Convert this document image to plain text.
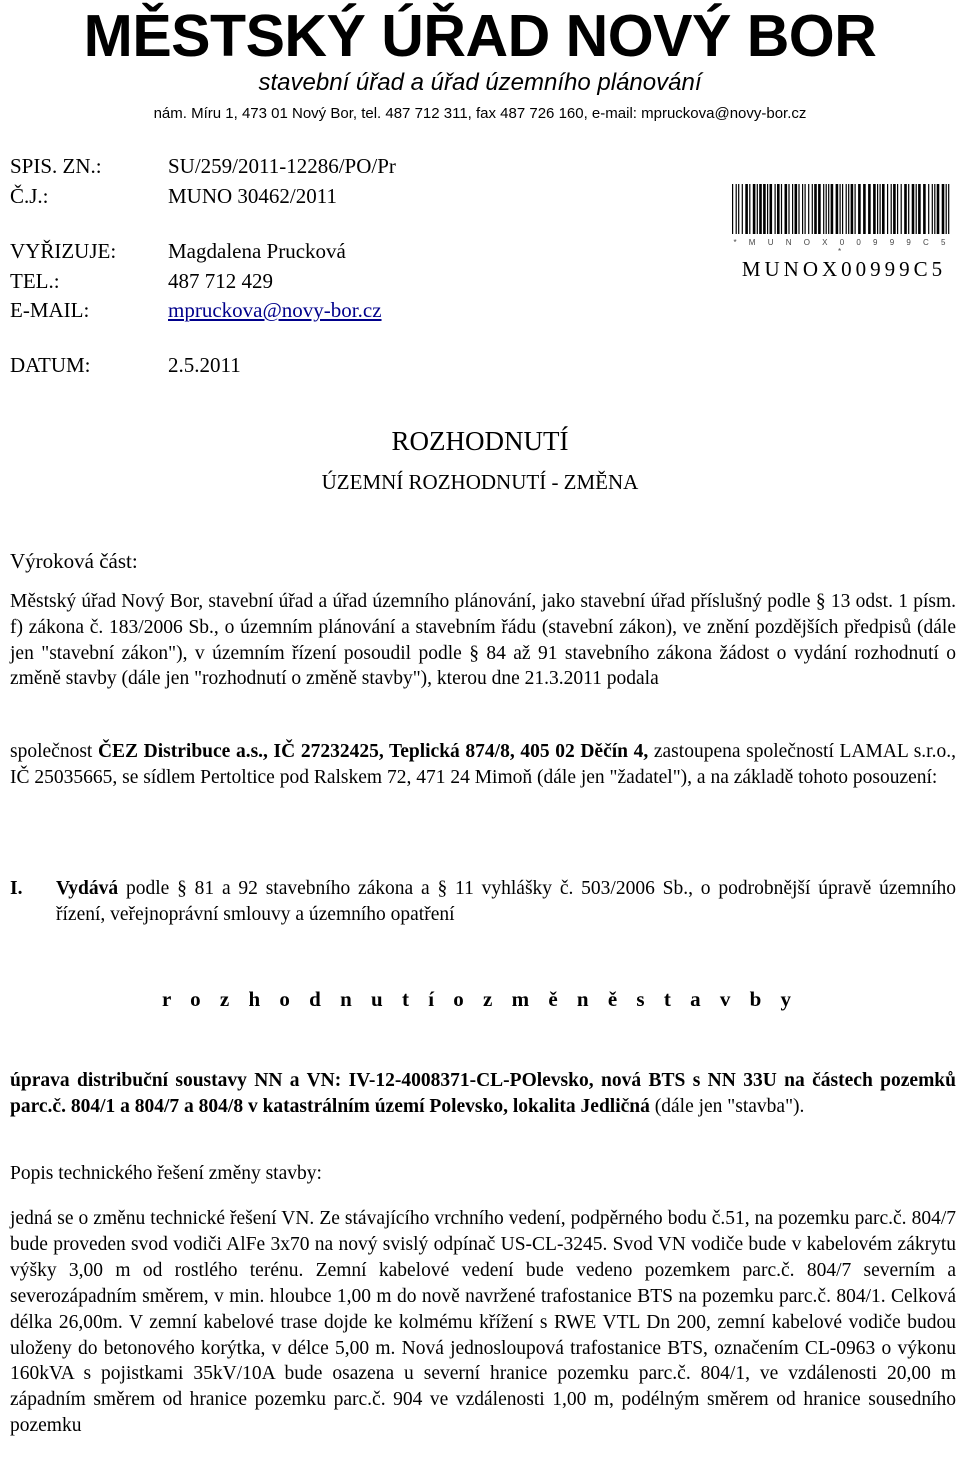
MĚSTSKÝ ÚŘAD NOVÝ BOR
stavební úřad a úřad územního plánování
nám. Míru 1, 473 01 Nový Bor, tel. 487 712 311, fax 487 726 160, e-mail: mpruckova@novy-bor.cz
SPIS. ZN.:	SU/259/2011-12286/PO/Pr
Č.J.:	MUNO 30462/2011
VYŘIZUJE: Magdalena Prucková
TEL.:	487 712 429
E-MAIL:	mpruckova@novy-bor.cz
DATUM:	2.5.2011
* M U N O X 0 0 9 9 9 C 5 *
MUNOX00999C5
ROZHODNUTÍ
ÚZEMNÍ ROZHODNUTÍ - ZMĚNA
Výroková část:
Městský úřad Nový Bor, stavební úřad a úřad územního plánování, jako stavební úřad příslušný podle § 13 odst. 1 písm. f) zákona č. 183/2006 Sb., o územním plánování a stavebním řádu (stavební zákon), ve znění pozdějších předpisů (dále jen "stavební zákon"), v územním řízení posoudil podle § 84 až 91 stavebního zákona žádost o vydání rozhodnutí o změně stavby (dále jen "rozhodnutí o změně stavby"), kterou dne 21.3.2011 podala
společnost ČEZ Distribuce a.s., IČ 27232425, Teplická 874/8, 405 02 Děčín 4, zastoupena společností LAMAL s.r.o., IČ 25035665, se sídlem Pertoltice pod Ralskem 72, 471 24 Mimoň (dále jen "žadatel"), a na základě tohoto posouzení:
I. Vydává podle § 81 a 92 stavebního zákona a § 11 vyhlášky č. 503/2006 Sb., o podrobnější úpravě územního řízení, veřejnoprávní smlouvy a územního opatření
r o z h o d n u t í o z m ě n ě s t a v b y
úprava distribuční soustavy NN a VN: IV-12-4008371-CL-POlevsko, nová BTS s NN 33U na částech pozemků parc.č. 804/1 a 804/7 a 804/8 v katastrálním území Polevsko, lokalita Jedličná (dále jen "stavba").
Popis technického řešení změny stavby:
jedná se o změnu technické řešení VN. Ze stávajícího vrchního vedení, podpěrného bodu č.51, na pozemku parc.č. 804/7 bude proveden svod vodiči AlFe 3x70 na nový svislý odpínač US-CL-3245. Svod VN vodiče bude v kabelovém zákrytu výšky 3,00 m od rostlého terénu. Zemní kabelové vedení bude vedeno pozemkem parc.č. 804/7 severním a severozápadním směrem, v min. hloubce 1,00 m do nově navržené trafostanice BTS na pozemku parc.č. 804/1. Celková délka 26,00m. V zemní kabelové trase dojde ke kolmému křížení s RWE VTL Dn 200, zemní kabelové vodiče budou uloženy do betonového korýtka, v délce 5,00 m. Nová jednosloupová trafostanice BTS, označením CL-0963 o výkonu 160kVA s pojistkami 35kV/10A bude osazena u severní hranice pozemku parc.č. 804/1, ve vzdálenosti 20,00 m západním směrem od hranice pozemku parc.č. 904 ve vzdálenosti 1,00 m, podélným směrem od hranice sousedního pozemku
